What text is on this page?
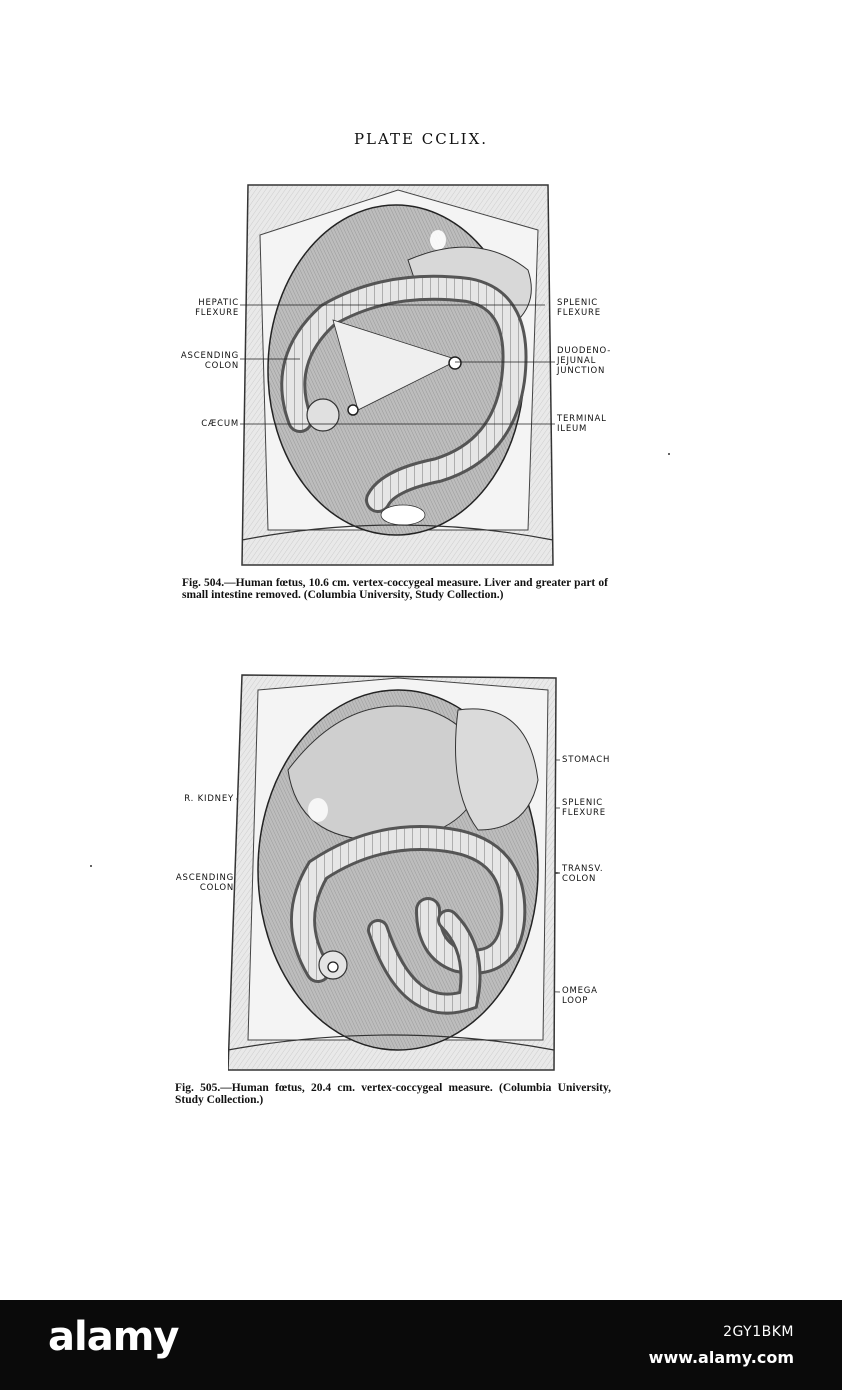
PLATE CCLIX.
HEPATIC
FLEXURE
ASCENDING
COLON
CÆCUM
SPLENIC
FLEXURE
DUODENO-
JEJUNAL
JUNCTION
TERMINAL
ILEUM
Fig. 504.—Human fœtus, 10.6 cm. vertex-coccygeal measure. Liver and greater part of small intestine removed. (Columbia University, Study Collection.)
R. KIDNEY
ASCENDING
COLON
STOMACH
SPLENIC
FLEXURE
TRANSV.
COLON
OMEGA
LOOP
Fig. 505.—Human fœtus, 20.4 cm. vertex-coccygeal measure. (Columbia University, Study Collection.)
alamy	2GY1BKM
www.alamy.com
